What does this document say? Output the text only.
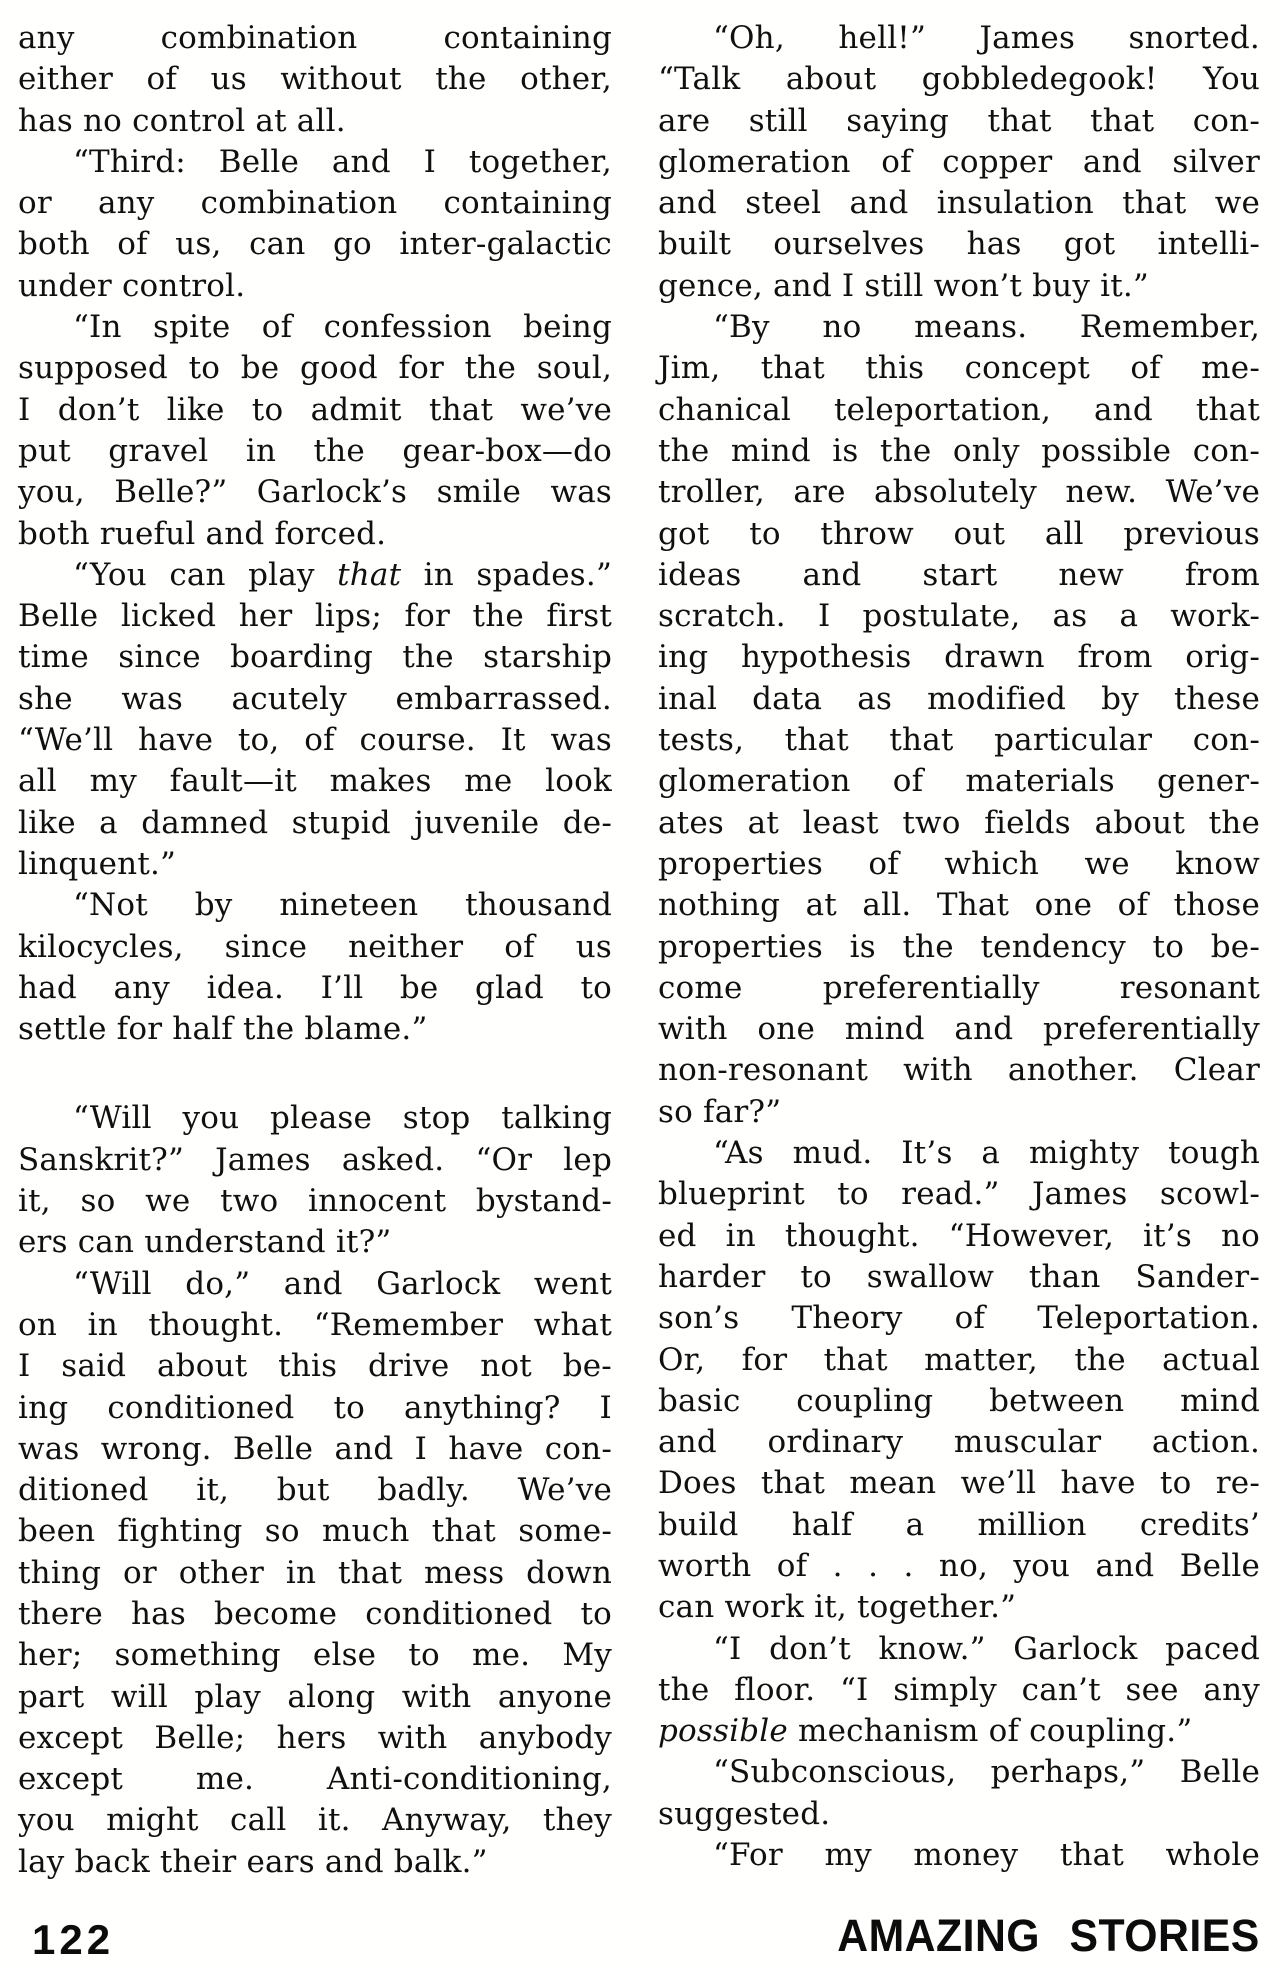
any combination containing
either of us without the other,
has no control at all.
“Third: Belle and I together,
or any combination containing
both of us, can go inter-galactic
under control.
“In spite of confession being
supposed to be good for the soul,
I don’t like to admit that we’ve
put gravel in the gear-box—do
you, Belle?” Garlock’s smile was
both rueful and forced.
“You can play that in spades.”
Belle licked her lips; for the first
time since boarding the starship
she was acutely embarrassed.
“We’ll have to, of course. It was
all my fault—it makes me look
like a damned stupid juvenile de-
linquent.”
“Not by nineteen thousand
kilocycles, since neither of us
had any idea. I’ll be glad to
settle for half the blame.”
“Will you please stop talking
Sanskrit?” James asked. “Or lep
it, so we two innocent bystand-
ers can understand it?”
“Will do,” and Garlock went
on in thought. “Remember what
I said about this drive not be-
ing conditioned to anything? I
was wrong. Belle and I have con-
ditioned it, but badly. We’ve
been fighting so much that some-
thing or other in that mess down
there has become conditioned to
her; something else to me. My
part will play along with anyone
except Belle; hers with anybody
except me. Anti-conditioning,
you might call it. Anyway, they
lay back their ears and balk.”
“Oh, hell!” James snorted.
“Talk about gobbledegook! You
are still saying that that con-
glomeration of copper and silver
and steel and insulation that we
built ourselves has got intelli-
gence, and I still won’t buy it.”
“By no means. Remember,
Jim, that this concept of me-
chanical teleportation, and that
the mind is the only possible con-
troller, are absolutely new. We’ve
got to throw out all previous
ideas and start new from
scratch. I postulate, as a work-
ing hypothesis drawn from orig-
inal data as modified by these
tests, that that particular con-
glomeration of materials gener-
ates at least two fields about the
properties of which we know
nothing at all. That one of those
properties is the tendency to be-
come preferentially resonant
with one mind and preferentially
non-resonant with another. Clear
so far?”
“As mud. It’s a mighty tough
blueprint to read.” James scowl-
ed in thought. “However, it’s no
harder to swallow than Sander-
son’s Theory of Teleportation.
Or, for that matter, the actual
basic coupling between mind
and ordinary muscular action.
Does that mean we’ll have to re-
build half a million credits’
worth of . . . no, you and Belle
can work it, together.”
“I don’t know.” Garlock paced
the floor. “I simply can’t see any
possible mechanism of coupling.”
“Subconscious, perhaps,” Belle
suggested.
“For my money that whole
122	AMAZING STORIES
